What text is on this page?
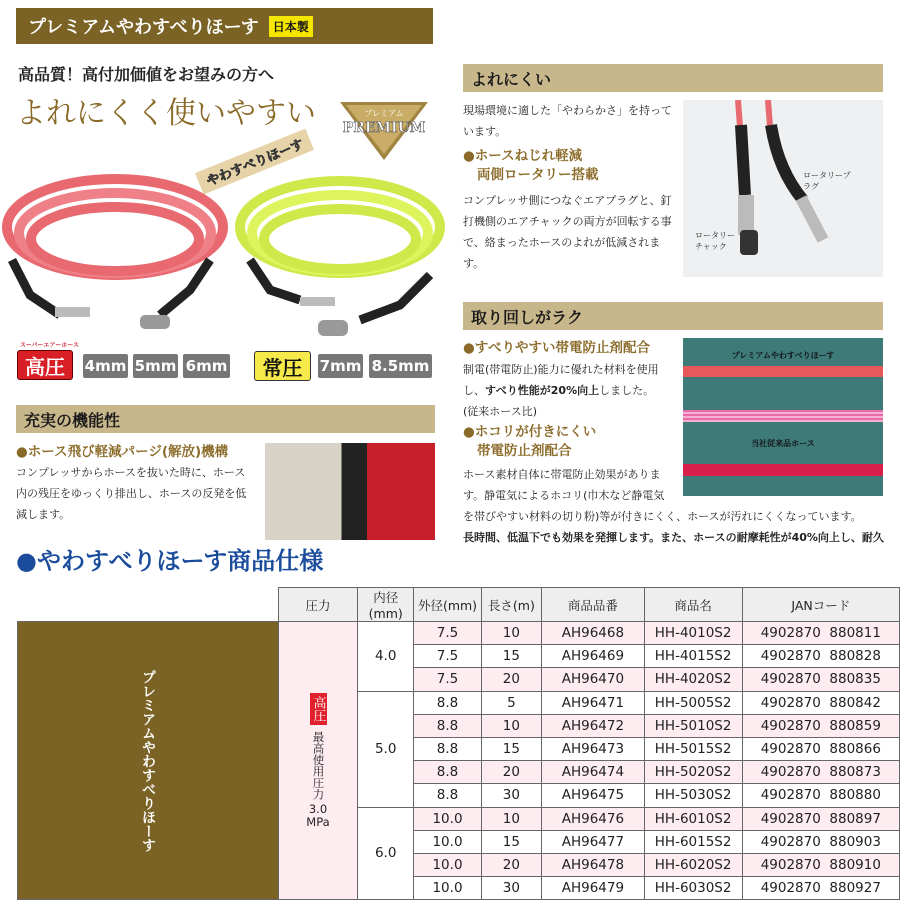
プレミアムやわすべりほーす	日本製
高品質！高付加価値をお望みの方へ
よれにくく使いやすい	プレミアム
PREMIUM
やわすべりほーす
スーパーエアーホース
高圧	4mm 5mm 6mm	常圧	7mm 8.5mm
充実の機能性
●ホース飛び軽減パージ(解放)機構
コンプレッサからホースを抜いた時に、ホース内の残圧をゆっくり排出し、ホースの反発を低減します。
よれにくい
現場環境に適した「やわらかさ」を持っています。
●ホースねじれ軽減
両側ロータリー搭載
コンプレッサ側につなぐエアプラグと、釘打機側のエアチャックの両方が回転する事で、絡まったホースのよれが低減されます。
ロータリープラグ
ロータリーチャック
取り回しがラク
●すべりやすい帯電防止剤配合
制電(帯電防止)能力に優れた材料を使用し、すべり性能が20%向上しました。
(従来ホース比)
●ホコリが付きにくい
帯電防止剤配合
ホース素材自体に帯電防止効果があります。静電気によるホコリ(巾木など静電気
を帯びやすい材料の切り粉)等が付きにくく、ホースが汚れにくくなっています。
長時間、低温下でも効果を発揮します。また、ホースの耐摩耗性が40%向上し、耐久
プレミアムやわすべりほーす
当社従来品ホース
●やわすべりほーす商品仕様
	圧力	内径(mm)	外径(mm)	長さ(m)	商品品番	商品名	JANコード
プレミアムやわすべりほーす	高圧
最高使用圧力
3.0
MPa	4.0	7.5	10	AH96468	HH-4010S2	4902870  880811
			7.5	15	AH96469	HH-4015S2	4902870  880828
			7.5	20	AH96470	HH-4020S2	4902870  880835
		5.0	8.8	5	AH96471	HH-5005S2	4902870  880842
			8.8	10	AH96472	HH-5010S2	4902870  880859
			8.8	15	AH96473	HH-5015S2	4902870  880866
			8.8	20	AH96474	HH-5020S2	4902870  880873
			8.8	30	AH96475	HH-5030S2	4902870  880880
		6.0	10.0	10	AH96476	HH-6010S2	4902870  880897
			10.0	15	AH96477	HH-6015S2	4902870  880903
			10.0	20	AH96478	HH-6020S2	4902870  880910
			10.0	30	AH96479	HH-6030S2	4902870  880927
